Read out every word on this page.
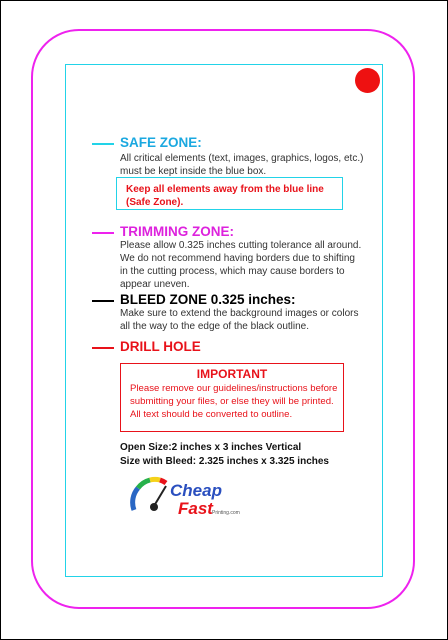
SAFE ZONE:
All critical elements (text, images, graphics, logos, etc.)
must be kept inside the blue box.
Keep all elements away from the blue line
(Safe Zone).
TRIMMING ZONE:
Please allow 0.325 inches cutting tolerance all around.
We do not recommend having borders due to shifting
in the cutting process, which may cause borders to
appear uneven.
BLEED ZONE 0.325 inches:
Make sure to extend the background images or colors
all the way to the edge of the black outline.
DRILL HOLE
IMPORTANT
Please remove our guidelines/instructions before
submitting your files, or else they will be printed.
All text should be converted to outline.
Open Size:2 inches x 3 inches Vertical
Size with Bleed: 2.325 inches x 3.325 inches
Cheap
Fast Printing.com
